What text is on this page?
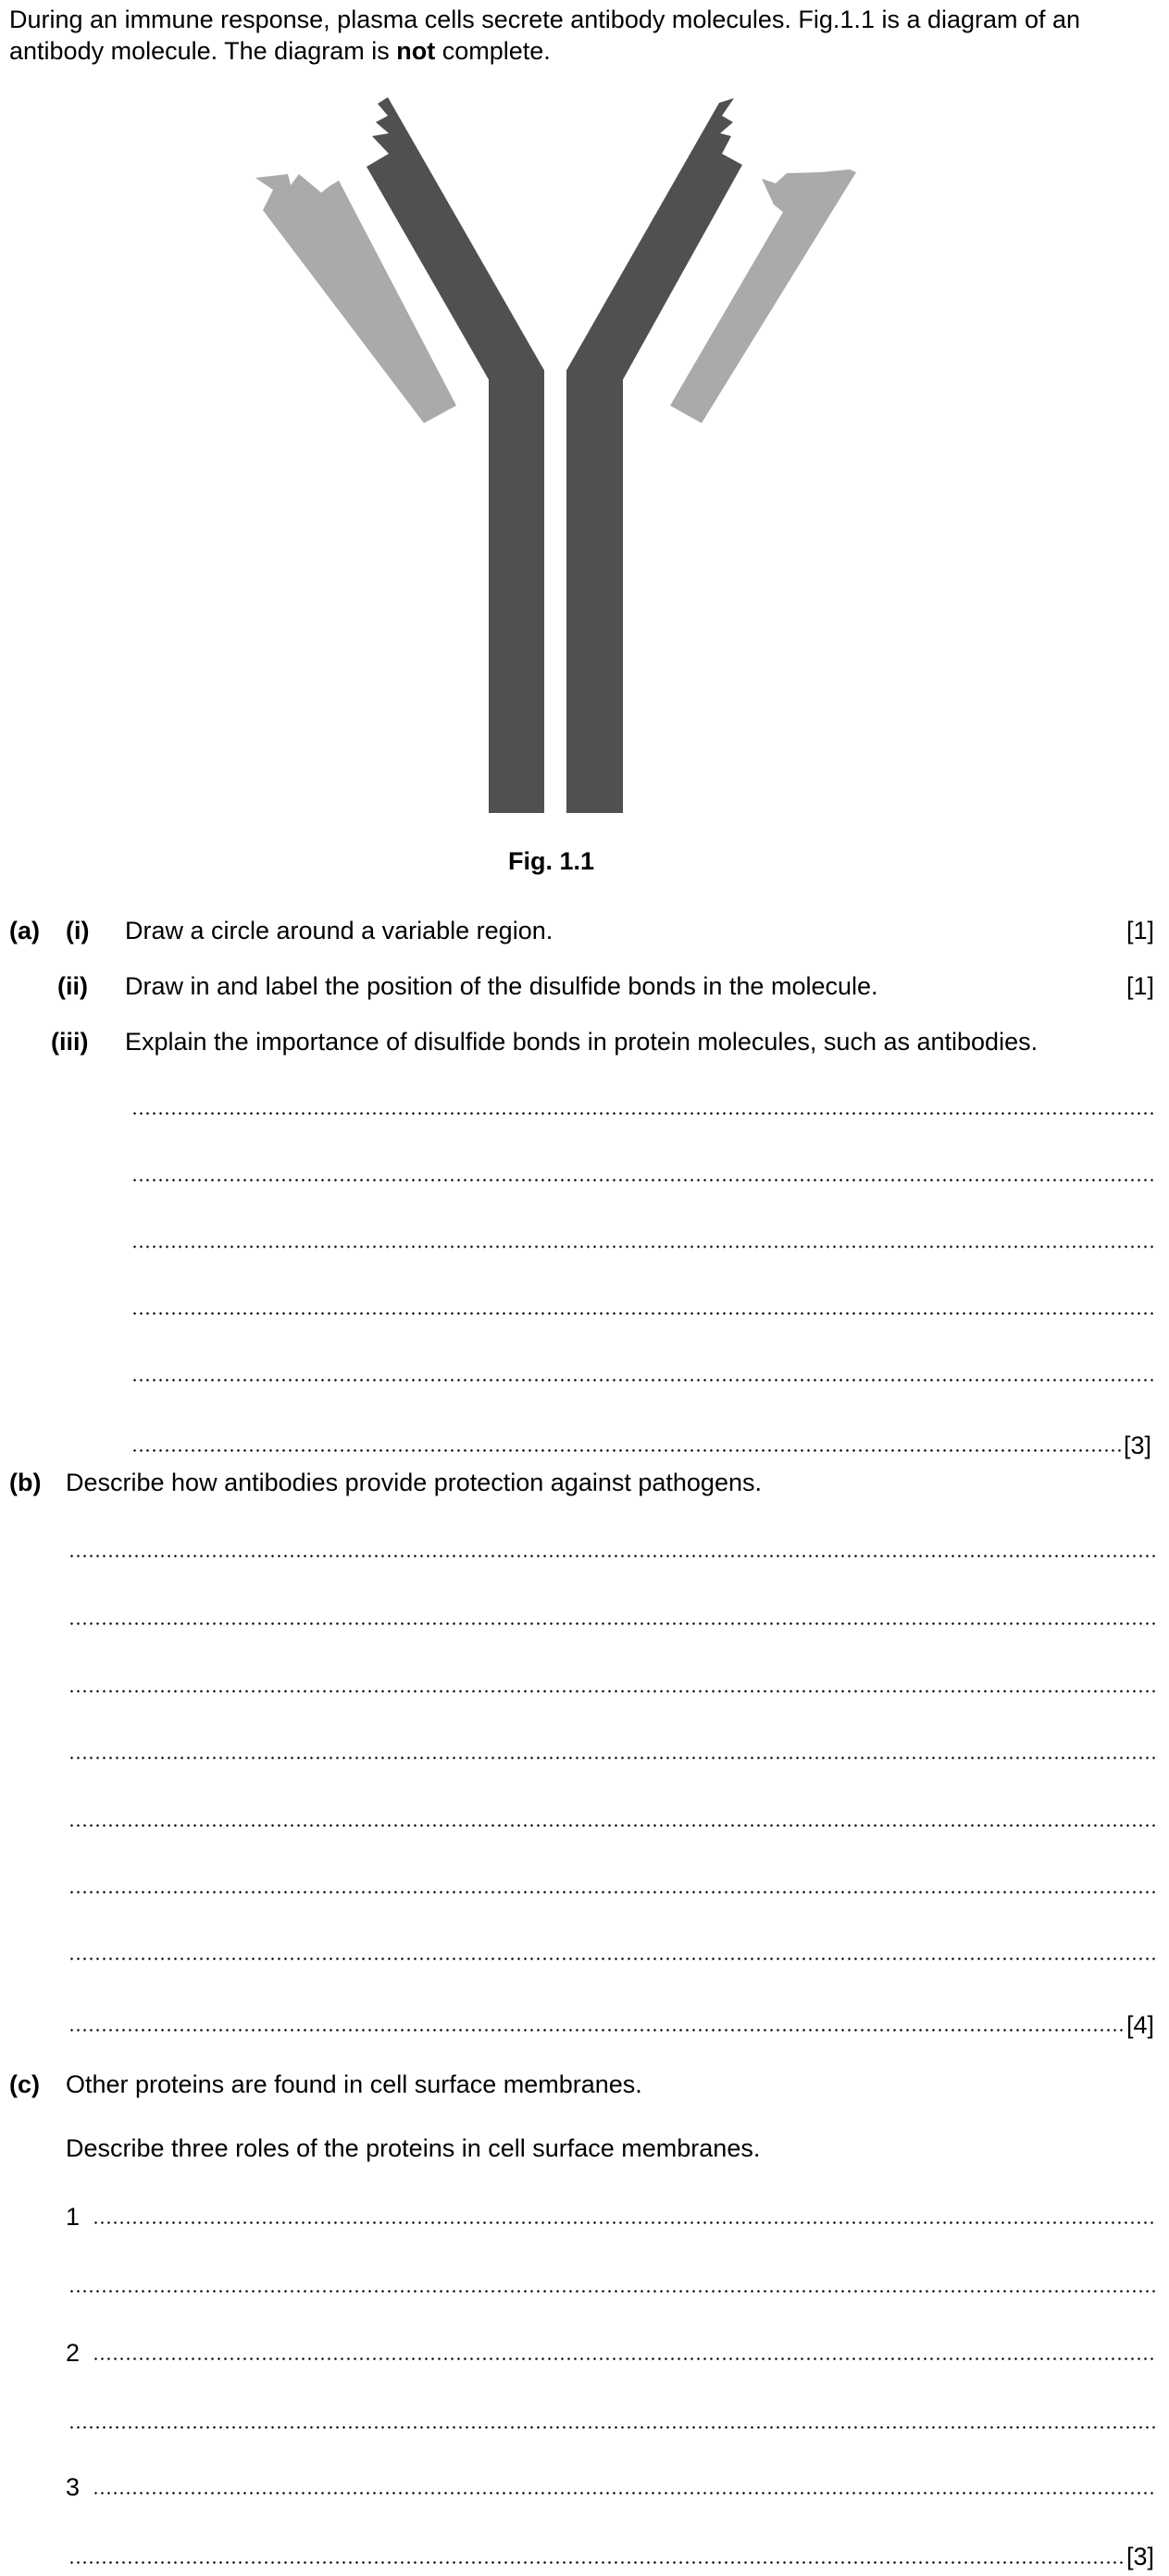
During an immune response, plasma cells secrete antibody molecules. Fig.1.1 is a diagram of an antibody molecule. The diagram is not complete.
Fig. 1.1
(a) (i) Draw a circle around a variable region.	[1]
(ii) Draw in and label the position of the disulfide bonds in the molecule.	[1]
(iii) Explain the importance of disulfide bonds in protein molecules, such as antibodies.
[3]
(b) Describe how antibodies provide protection against pathogens.
[4]
(c) Other proteins are found in cell surface membranes.
Describe three roles of the proteins in cell surface membranes.
1
2
3
[3]
